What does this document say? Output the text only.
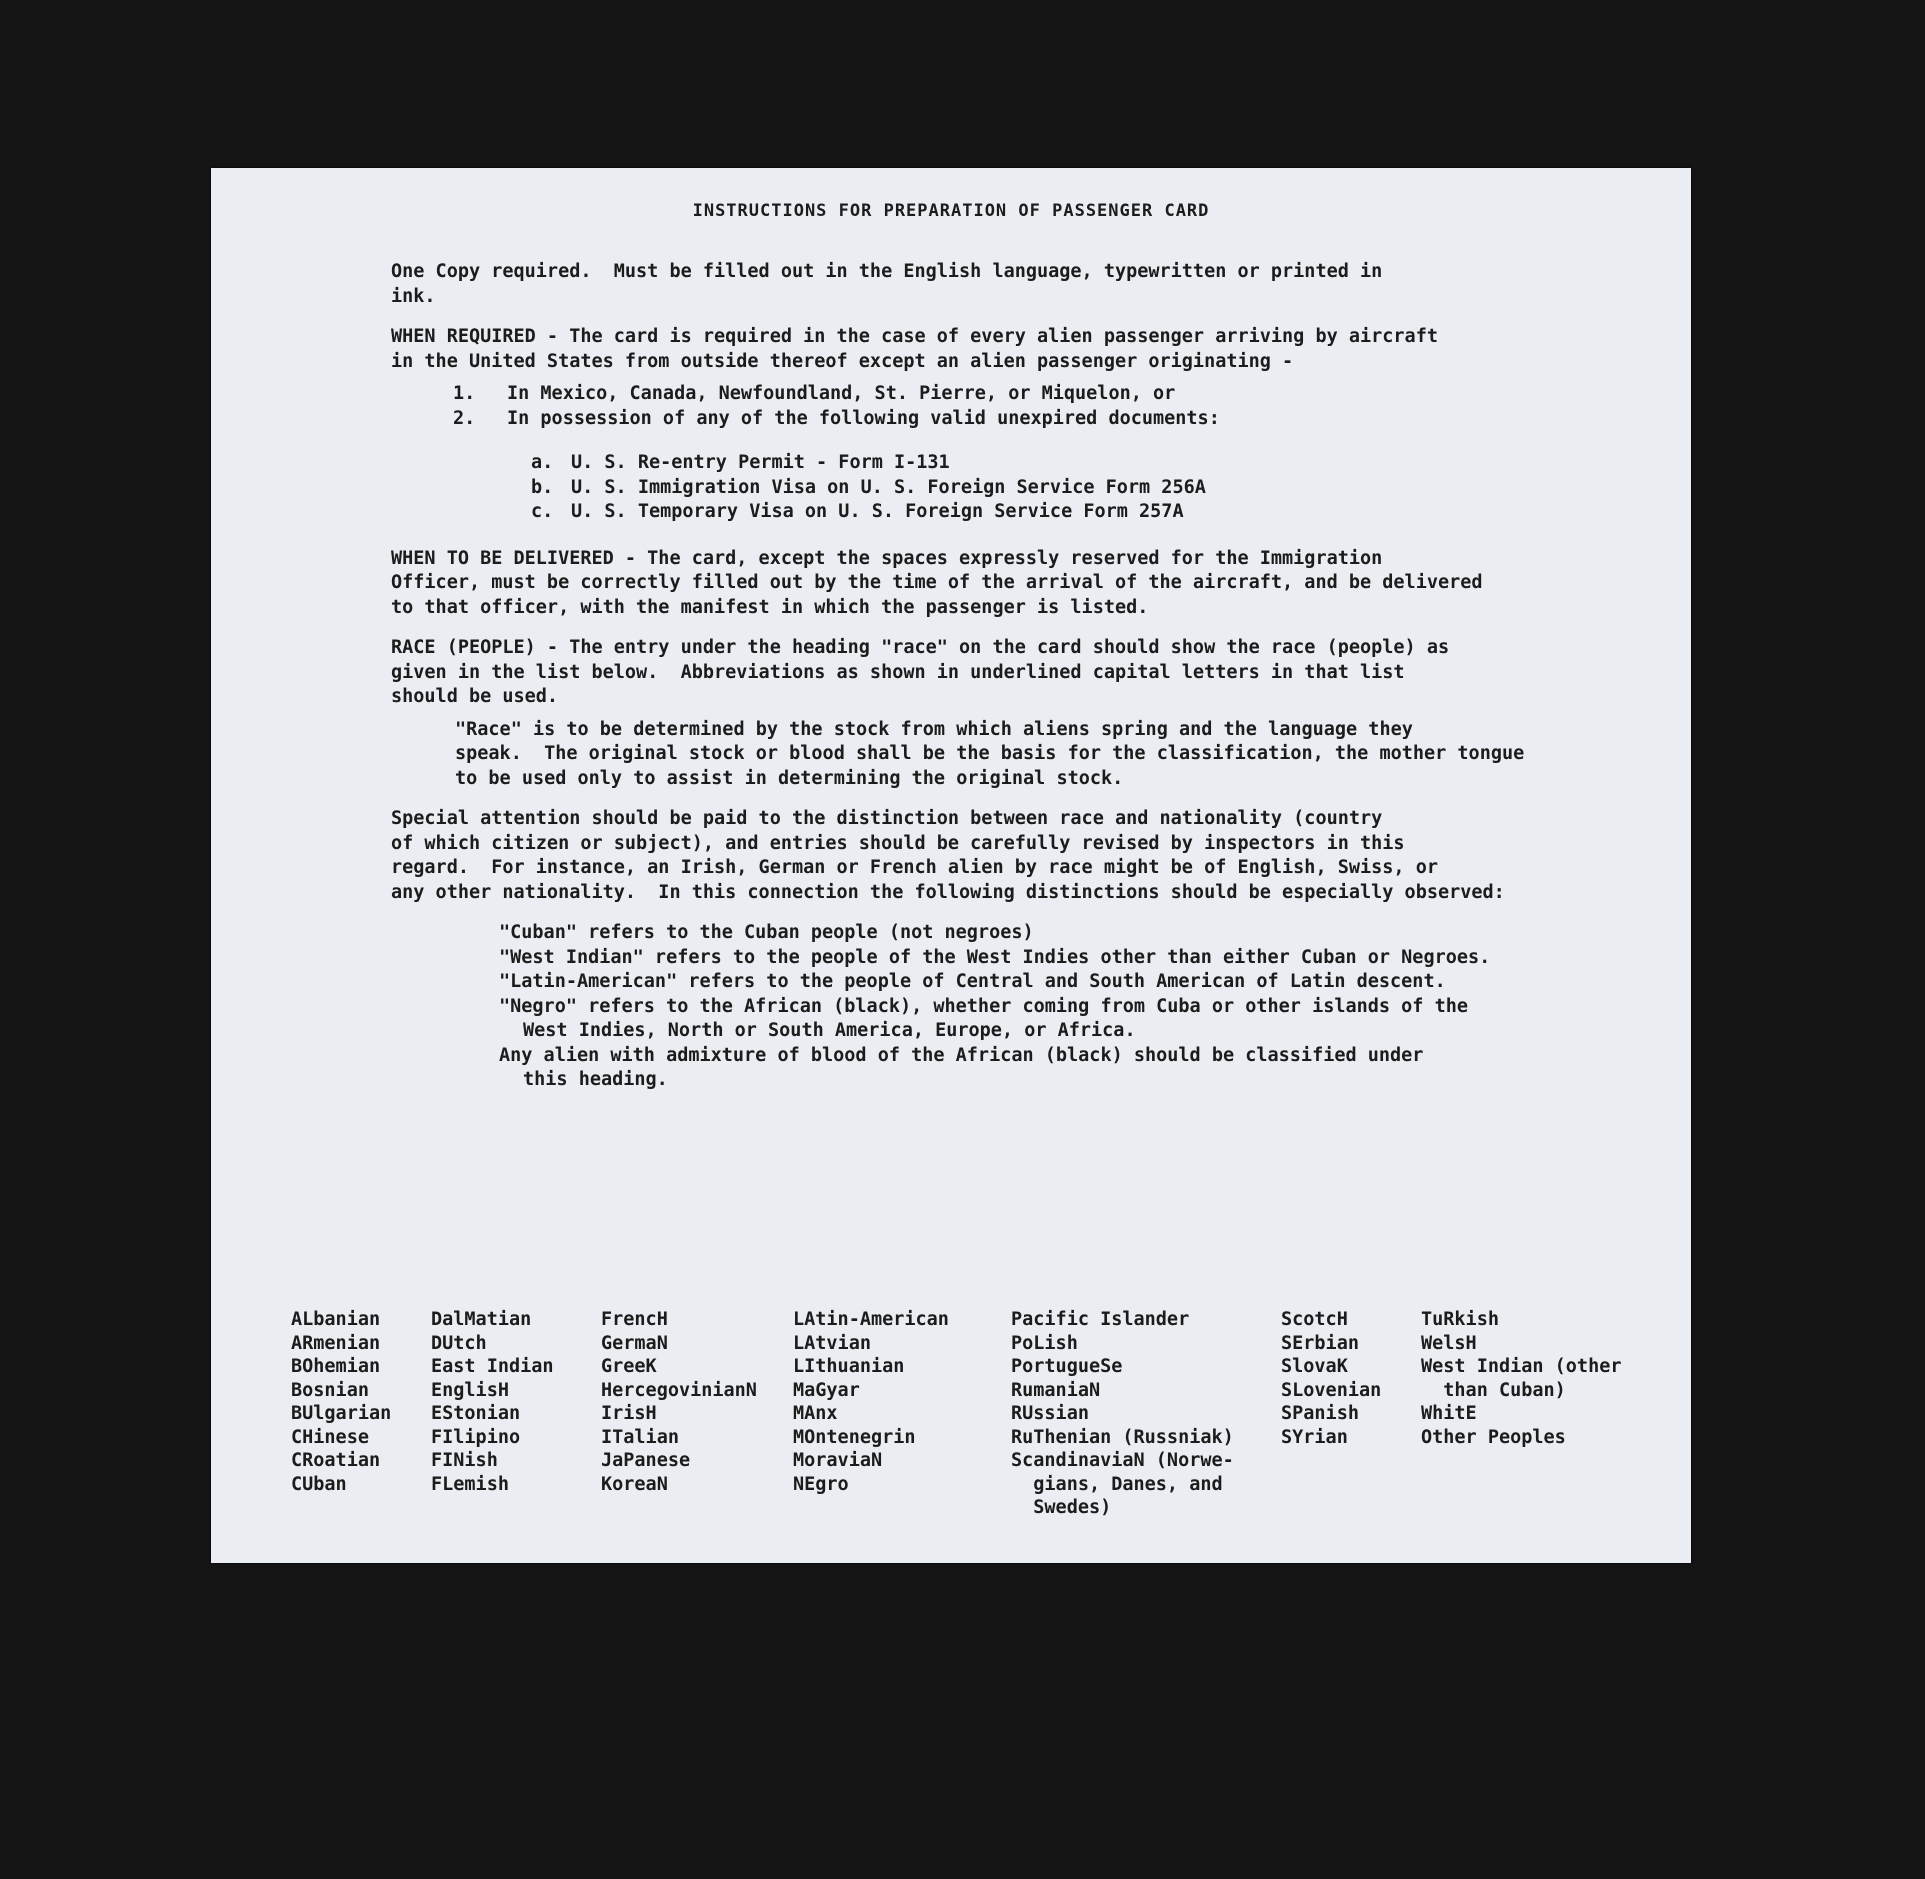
INSTRUCTIONS FOR PREPARATION OF PASSENGER CARD

One Copy required.  Must be filled out in the English language, typewritten or printed in
ink.

WHEN REQUIRED - The card is required in the case of every alien passenger arriving by aircraft
in the United States from outside thereof except an alien passenger originating -

1. In Mexico, Canada, Newfoundland, St. Pierre, or Miquelon, or
2. In possession of any of the following valid unexpired documents:
a. U. S. Re-entry Permit - Form I-131
b. U. S. Immigration Visa on U. S. Foreign Service Form 256A
c. U. S. Temporary Visa on U. S. Foreign Service Form 257A

WHEN TO BE DELIVERED - The card, except the spaces expressly reserved for the Immigration
Officer, must be correctly filled out by the time of the arrival of the aircraft, and be delivered
to that officer, with the manifest in which the passenger is listed.

RACE (PEOPLE) - The entry under the heading "race" on the card should show the race (people) as
given in the list below.  Abbreviations as shown in underlined capital letters in that list
should be used.

"Race" is to be determined by the stock from which aliens spring and the language they
speak.  The original stock or blood shall be the basis for the classification, the mother tongue
to be used only to assist in determining the original stock.

Special attention should be paid to the distinction between race and nationality (country
of which citizen or subject), and entries should be carefully revised by inspectors in this
regard.  For instance, an Irish, German or French alien by race might be of English, Swiss, or
any other nationality.  In this connection the following distinctions should be especially observed:

"Cuban" refers to the Cuban people (not negroes)
"West Indian" refers to the people of the West Indies other than either Cuban or Negroes.
"Latin-American" refers to the people of Central and South American of Latin descent.
"Negro" refers to the African (black), whether coming from Cuba or other islands of the
West Indies, North or South America, Europe, or Africa.
Any alien with admixture of blood of the African (black) should be classified under
this heading.
ALbanian
ARmenian
BOhemian
Bosnian
BUlgarian
CHinese
CRoatian
CUban
DalMatian
DUtch
East Indian
EnglisH
EStonian
FIlipino
FINish
FLemish
FrencH
GermaN
GreeK
HercegovinianN
IrisH
ITalian
JaPanese
KoreaN
LAtin-American
LAtvian
LIthuanian
MaGyar
MAnx
MOntenegrin
MoraviaN
NEgro
Pacific Islander
PoLish
PortugueSe
RumaniaN
RUssian
RuThenian (Russniak)
ScandinaviaN (Norwe-
gians, Danes, and
Swedes)
ScotcH
SErbian
SlovaK
SLovenian
SPanish
SYrian
TuRkish
WelsH
West Indian (other
than Cuban)
WhitE
Other Peoples
